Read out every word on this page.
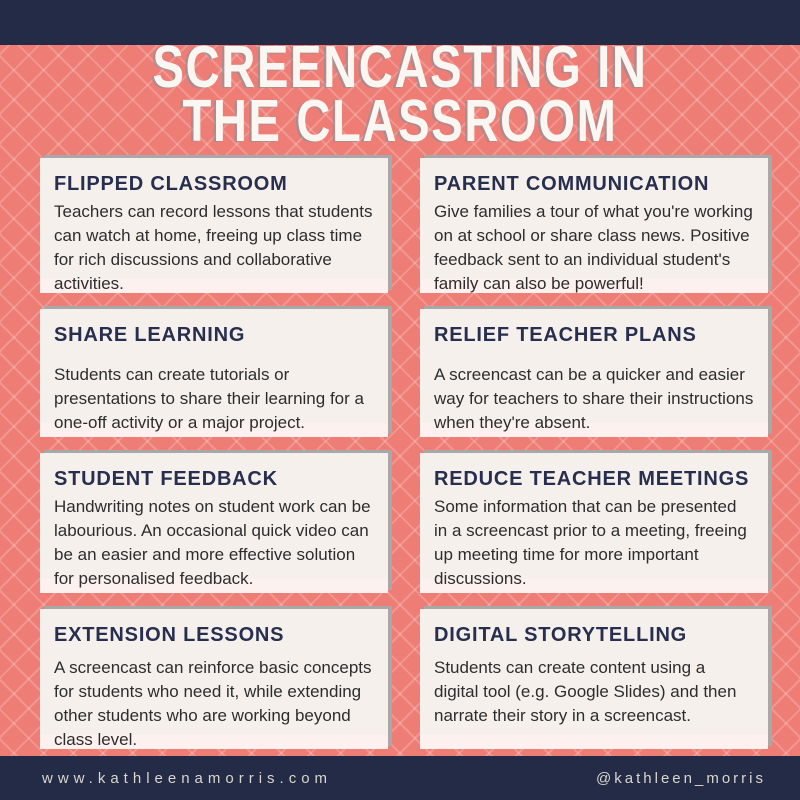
SCREENCASTING IN
THE CLASSROOM
FLIPPED CLASSROOM

Teachers can record lessons that students can watch at home, freeing up class time for rich discussions and collaborative activities.

PARENT COMMUNICATION

Give families a tour of what you're working on at school or share class news. Positive feedback sent to an individual student's family can also be powerful!

SHARE LEARNING

Students can create tutorials or presentations to share their learning for a one-off activity or a major project.

RELIEF TEACHER PLANS

A screencast can be a quicker and easier way for teachers to share their instructions when they're absent.

STUDENT FEEDBACK

Handwriting notes on student work can be labourious. An occasional quick video can be an easier and more effective solution for personalised feedback.

REDUCE TEACHER MEETINGS

Some information that can be presented in a screencast prior to a meeting, freeing up meeting time for more important discussions.

EXTENSION LESSONS

A screencast can reinforce basic concepts for students who need it, while extending other students who are working beyond class level.

DIGITAL STORYTELLING

Students can create content using a digital tool (e.g. Google Slides) and then narrate their story in a screencast.

www.kathleenamorris.com	@kathleen_morris
